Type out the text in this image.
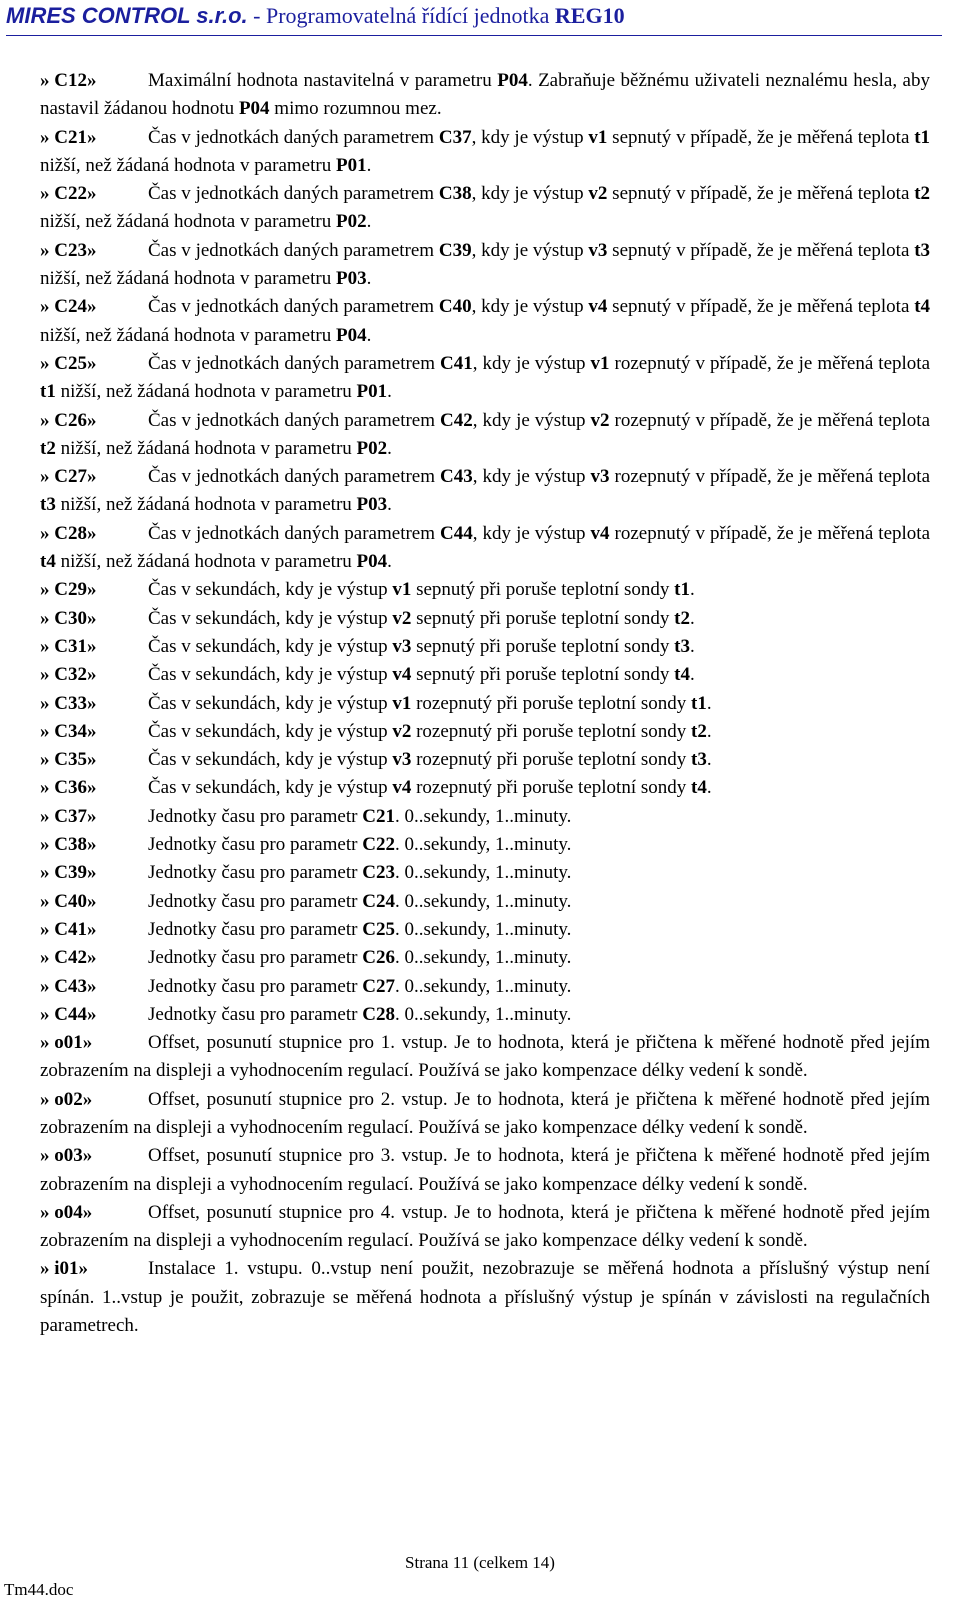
MIRES CONTROL s.r.o. - Programovatelná řídící jednotka REG10
» C12»	Maximální hodnota nastavitelná v parametru P04. Zabraňuje běžnému uživateli neznalému hesla, aby nastavil žádanou hodnotu P04 mimo rozumnou mez.
» C21»	Čas v jednotkách daných parametrem C37, kdy je výstup v1 sepnutý v případě, že je měřená teplota t1 nižší, než žádaná hodnota v parametru P01.
» C22»	Čas v jednotkách daných parametrem C38, kdy je výstup v2 sepnutý v případě, že je měřená teplota t2 nižší, než žádaná hodnota v parametru P02.
» C23»	Čas v jednotkách daných parametrem C39, kdy je výstup v3 sepnutý v případě, že je měřená teplota t3 nižší, než žádaná hodnota v parametru P03.
» C24»	Čas v jednotkách daných parametrem C40, kdy je výstup v4 sepnutý v případě, že je měřená teplota t4 nižší, než žádaná hodnota v parametru P04.
» C25»	Čas v jednotkách daných parametrem C41, kdy je výstup v1 rozepnutý v případě, že je měřená teplota t1 nižší, než žádaná hodnota v parametru P01.
» C26»	Čas v jednotkách daných parametrem C42, kdy je výstup v2 rozepnutý v případě, že je měřená teplota t2 nižší, než žádaná hodnota v parametru P02.
» C27»	Čas v jednotkách daných parametrem C43, kdy je výstup v3 rozepnutý v případě, že je měřená teplota t3 nižší, než žádaná hodnota v parametru P03.
» C28»	Čas v jednotkách daných parametrem C44, kdy je výstup v4 rozepnutý v případě, že je měřená teplota t4 nižší, než žádaná hodnota v parametru P04.
» C29»	Čas v sekundách, kdy je výstup v1 sepnutý při poruše teplotní sondy t1.
» C30»	Čas v sekundách, kdy je výstup v2 sepnutý při poruše teplotní sondy t2.
» C31»	Čas v sekundách, kdy je výstup v3 sepnutý při poruše teplotní sondy t3.
» C32»	Čas v sekundách, kdy je výstup v4 sepnutý při poruše teplotní sondy t4.
» C33»	Čas v sekundách, kdy je výstup v1 rozepnutý při poruše teplotní sondy t1.
» C34»	Čas v sekundách, kdy je výstup v2 rozepnutý při poruše teplotní sondy t2.
» C35»	Čas v sekundách, kdy je výstup v3 rozepnutý při poruše teplotní sondy t3.
» C36»	Čas v sekundách, kdy je výstup v4 rozepnutý při poruše teplotní sondy t4.
» C37»	Jednotky času pro parametr C21. 0..sekundy, 1..minuty.
» C38»	Jednotky času pro parametr C22. 0..sekundy, 1..minuty.
» C39»	Jednotky času pro parametr C23. 0..sekundy, 1..minuty.
» C40»	Jednotky času pro parametr C24. 0..sekundy, 1..minuty.
» C41»	Jednotky času pro parametr C25. 0..sekundy, 1..minuty.
» C42»	Jednotky času pro parametr C26. 0..sekundy, 1..minuty.
» C43»	Jednotky času pro parametr C27. 0..sekundy, 1..minuty.
» C44»	Jednotky času pro parametr C28. 0..sekundy, 1..minuty.
» o01»	Offset, posunutí stupnice pro 1. vstup. Je to hodnota, která je přičtena k měřené hodnotě před jejím zobrazením na displeji a vyhodnocením regulací. Používá se jako kompenzace délky vedení k sondě.
» o02»	Offset, posunutí stupnice pro 2. vstup. Je to hodnota, která je přičtena k měřené hodnotě před jejím zobrazením na displeji a vyhodnocením regulací. Používá se jako kompenzace délky vedení k sondě.
» o03»	Offset, posunutí stupnice pro 3. vstup. Je to hodnota, která je přičtena k měřené hodnotě před jejím zobrazením na displeji a vyhodnocením regulací. Používá se jako kompenzace délky vedení k sondě.
» o04»	Offset, posunutí stupnice pro 4. vstup. Je to hodnota, která je přičtena k měřené hodnotě před jejím zobrazením na displeji a vyhodnocením regulací. Používá se jako kompenzace délky vedení k sondě.
» i01»	Instalace 1. vstupu. 0..vstup není použit, nezobrazuje se měřená hodnota a příslušný výstup není spínán. 1..vstup je použit, zobrazuje se měřená hodnota a příslušný výstup je spínán v závislosti na regulačních parametrech.
Strana 11 (celkem 14)
Tm44.doc
